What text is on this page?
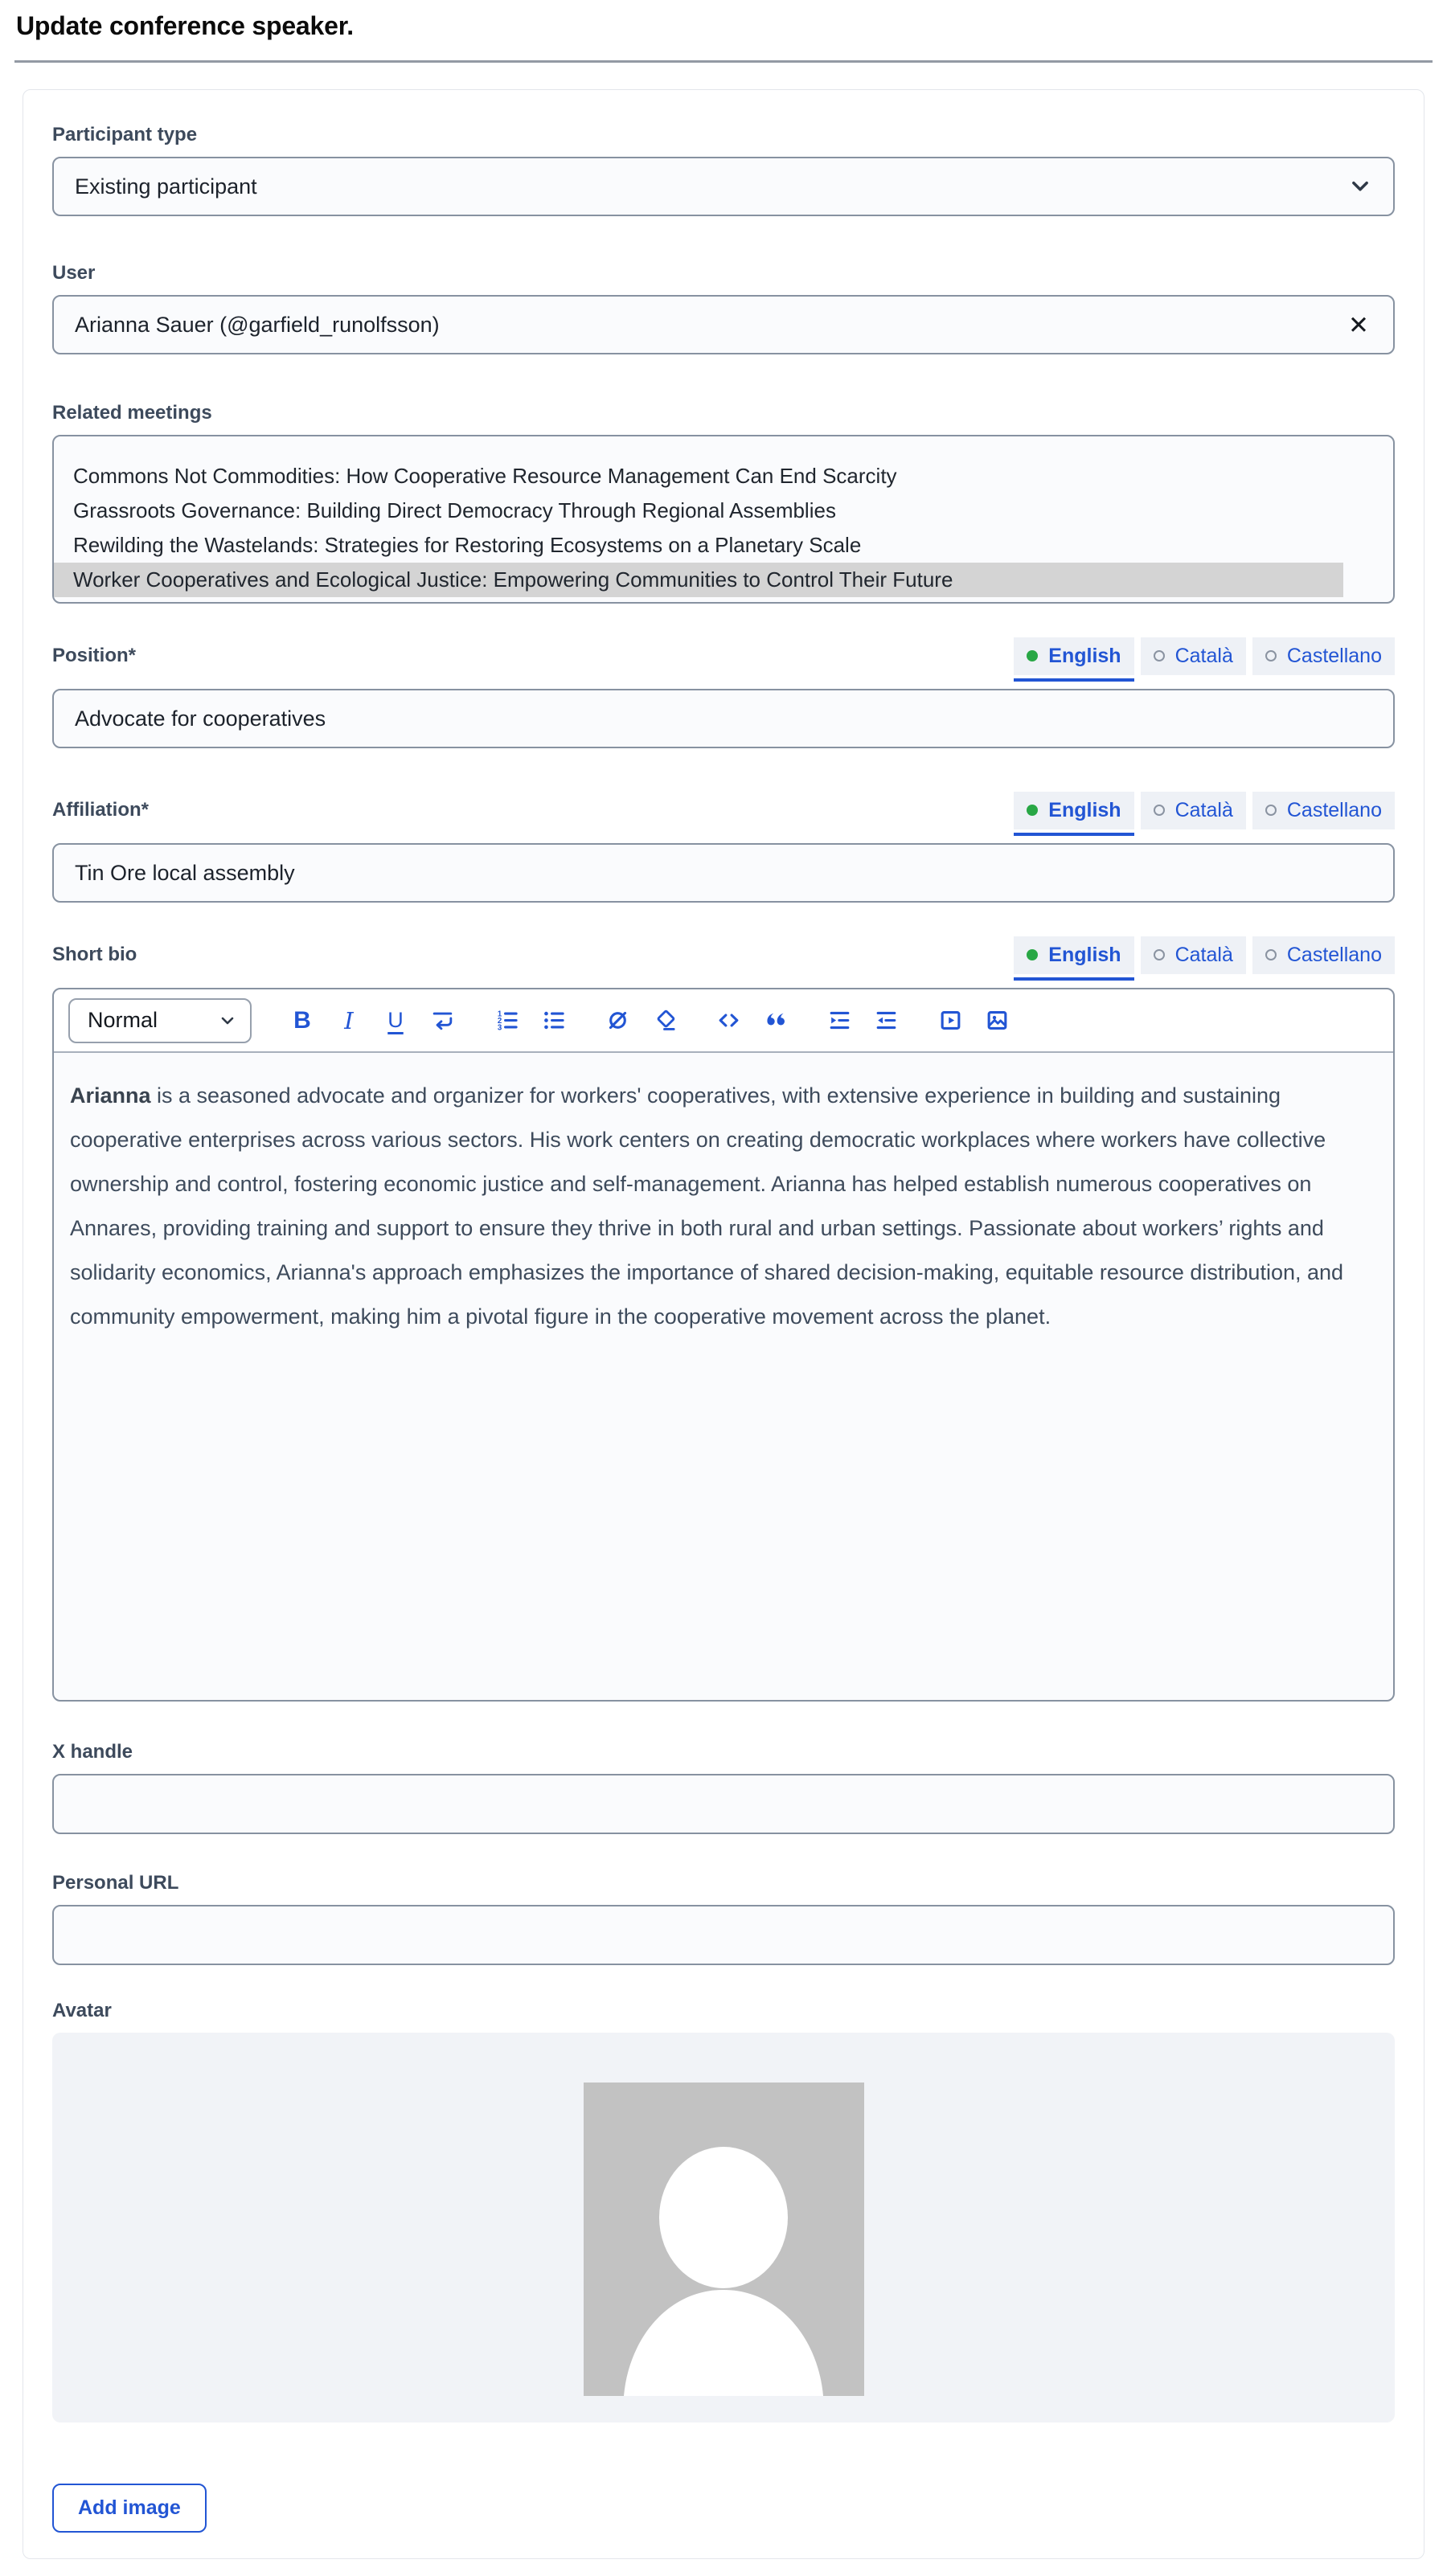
Update conference speaker.
Participant type
Existing participant
User
Arianna Sauer (@garfield_runolfsson)	✕
Related meetings
Commons Not Commodities: How Cooperative Resource Management Can End Scarcity
Grassroots Governance: Building Direct Democracy Through Regional Assemblies
Rewilding the Wastelands: Strategies for Restoring Ecosystems on a Planetary Scale
Worker Cooperatives and Ecological Justice: Empowering Communities to Control Their Future
Position*	English	Català	Castellano
Advocate for cooperatives
Affiliation*	English	Català	Castellano
Tin Ore local assembly
Short bio	English	Català	Castellano
Normal	B I U	1
2
3

Arianna is a seasoned advocate and organizer for workers' cooperatives, with extensive experience in building and sustaining cooperative enterprises across various sectors. His work centers on creating democratic workplaces where workers have collective ownership and control, fostering economic justice and self-management. Arianna has helped establish numerous cooperatives on Annares, providing training and support to ensure they thrive in both rural and urban settings. Passionate about workers’ rights and solidarity economics, Arianna's approach emphasizes the importance of shared decision-making, equitable resource distribution, and community empowerment, making him a pivotal figure in the cooperative movement across the planet.

X handle
Personal URL
Avatar
Add image
